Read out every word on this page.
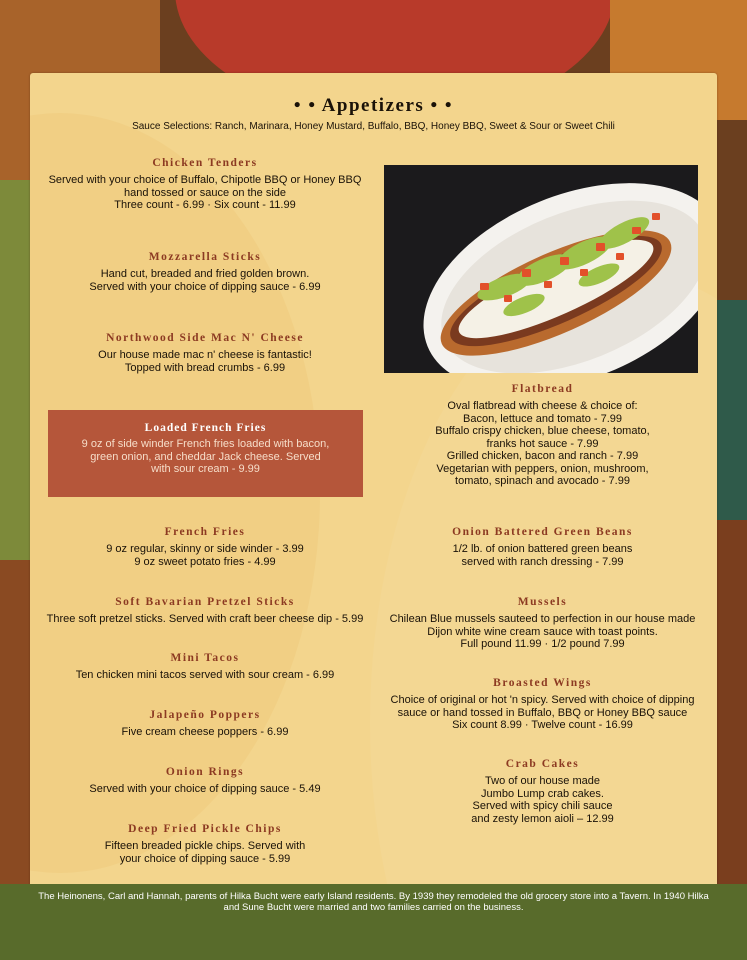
• • Appetizers • •
Sauce Selections: Ranch, Marinara, Honey Mustard, Buffalo, BBQ, Honey BBQ, Sweet & Sour or Sweet Chili
Chicken Tenders
Served with your choice of Buffalo, Chipotle BBQ or Honey BBQ
hand tossed or sauce on the side
Three count - 6.99 · Six count - 11.99
Mozzarella Sticks
Hand cut, breaded and fried golden brown.
Served with your choice of dipping sauce - 6.99
Northwood Side Mac N' Cheese
Our house made mac n' cheese is fantastic!
Topped with bread crumbs - 6.99
Loaded French Fries
9 oz of side winder French fries loaded with bacon,
green onion, and cheddar Jack cheese. Served
with sour cream - 9.99
French Fries
9 oz regular, skinny or side winder - 3.99
9 oz sweet potato fries - 4.99
Soft Bavarian Pretzel Sticks
Three soft pretzel sticks. Served with craft beer cheese dip - 5.99
Mini Tacos
Ten chicken mini tacos served with sour cream - 6.99
Jalapeño Poppers
Five cream cheese poppers - 6.99
Onion Rings
Served with your choice of dipping sauce - 5.49
Deep Fried Pickle Chips
Fifteen breaded pickle chips. Served with
your choice of dipping sauce - 5.99
Flatbread
Oval flatbread with cheese & choice of:
Bacon, lettuce and tomato - 7.99
Buffalo crispy chicken, blue cheese, tomato,
franks hot sauce - 7.99
Grilled chicken, bacon and ranch - 7.99
Vegetarian with peppers, onion, mushroom,
tomato, spinach and avocado - 7.99
Onion Battered Green Beans
1/2 lb. of onion battered green beans
served with ranch dressing - 7.99
Mussels
Chilean Blue mussels sauteed to perfection in our house made
Dijon white wine cream sauce with toast points.
Full pound 11.99 · 1/2 pound 7.99
Broasted Wings
Choice of original or hot 'n spicy. Served with choice of dipping
sauce or hand tossed in Buffalo, BBQ or Honey BBQ sauce
Six count 8.99 · Twelve count - 16.99
Crab Cakes
Two of our house made
Jumbo Lump crab cakes.
Served with spicy chili sauce
and zesty lemon aioli – 12.99
The Heinonens, Carl and Hannah, parents of Hilka Bucht were early Island residents. By 1939 they remodeled the old grocery store into a Tavern. In 1940 Hilka and Sune Bucht were married and two families carried on the business.
